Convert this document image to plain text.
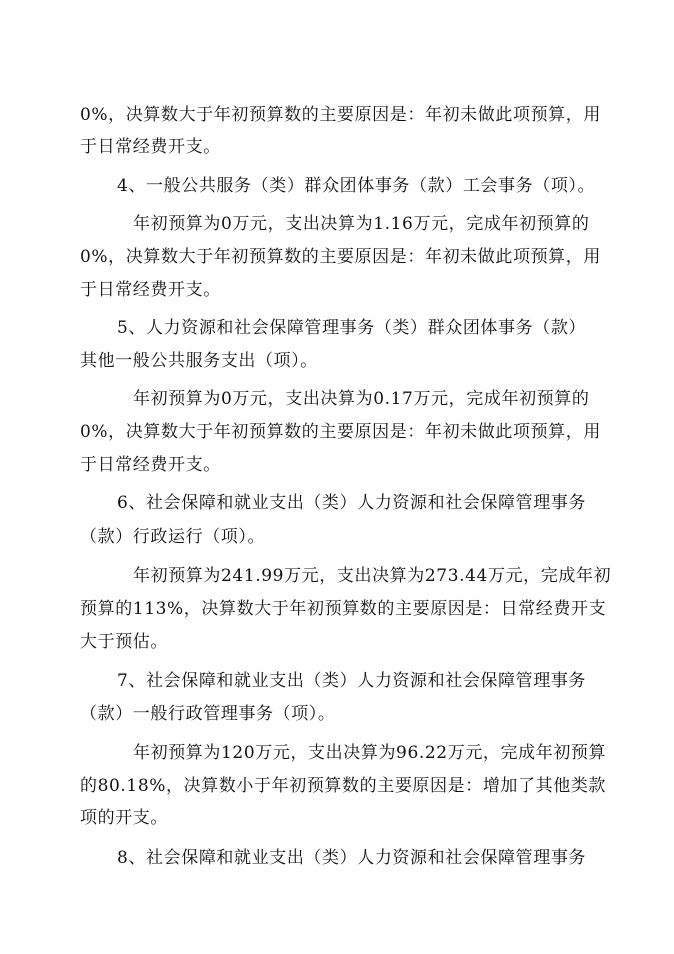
0%，决算数大于年初预算数的主要原因是：年初未做此项预算，用
于日常经费开支。
4、一般公共服务（类）群众团体事务（款）工会事务（项）。
年初预算为0万元，支出决算为1.16万元，完成年初预算的
0%，决算数大于年初预算数的主要原因是：年初未做此项预算，用
于日常经费开支。
5、人力资源和社会保障管理事务（类）群众团体事务（款）
其他一般公共服务支出（项）。
年初预算为0万元，支出决算为0.17万元，完成年初预算的
0%，决算数大于年初预算数的主要原因是：年初未做此项预算，用
于日常经费开支。
6、社会保障和就业支出（类）人力资源和社会保障管理事务
（款）行政运行（项）。
年初预算为241.99万元，支出决算为273.44万元，完成年初
预算的113%，决算数大于年初预算数的主要原因是：日常经费开支
大于预估。
7、社会保障和就业支出（类）人力资源和社会保障管理事务
（款）一般行政管理事务（项）。
年初预算为120万元，支出决算为96.22万元，完成年初预算
的80.18%，决算数小于年初预算数的主要原因是：增加了其他类款
项的开支。
8、社会保障和就业支出（类）人力资源和社会保障管理事务
